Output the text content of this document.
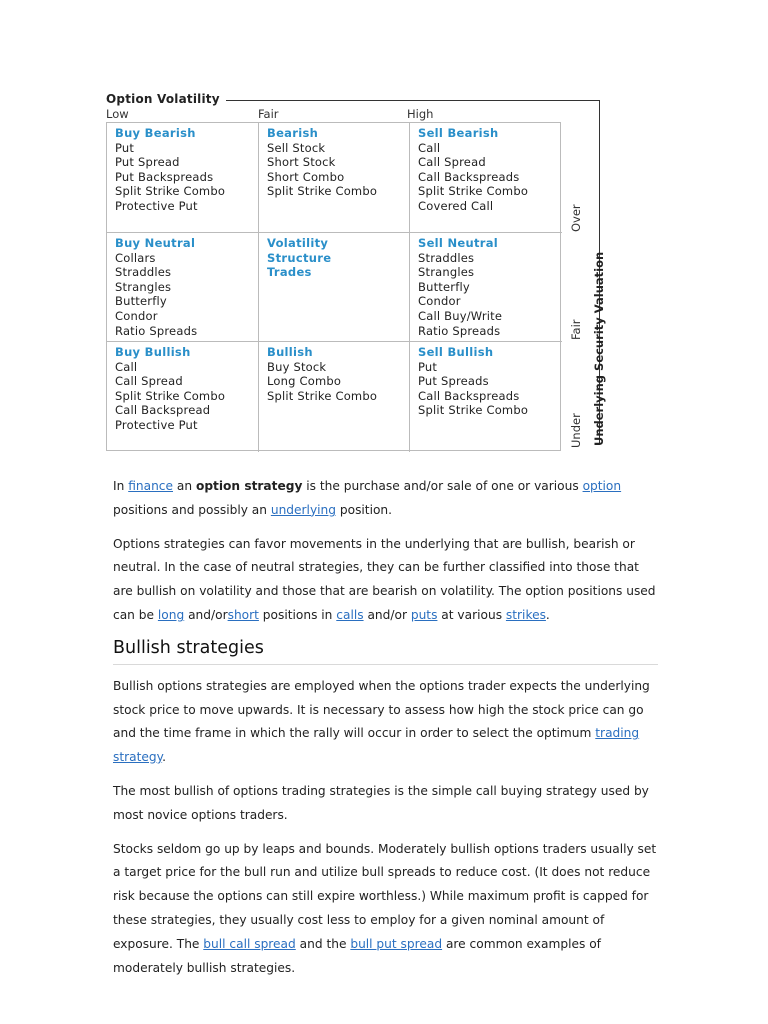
Option Volatility
Low	Fair	High
Buy Bearish
Put
Put Spread
Put Backspreads
Split Strike Combo
Protective Put
Bearish
Sell Stock
Short Stock
Short Combo
Split Strike Combo
Sell Bearish
Call
Call Spread
Call Backspreads
Split Strike Combo
Covered Call
Buy Neutral
Collars
Straddles
Strangles
Butterfly
Condor
Ratio Spreads
Volatility Structure Trades
Sell Neutral
Straddles
Strangles
Butterfly
Condor
Call Buy/Write
Ratio Spreads
Buy Bullish
Call
Call Spread
Split Strike Combo
Call Backspread
Protective Put
Bullish
Buy Stock
Long Combo
Split Strike Combo
Sell Bullish
Put
Put Spreads
Call Backspreads
Split Strike Combo
Over
Fair
Under Underlying Security Valuation

In finance an option strategy is the purchase and/or sale of one or various option positions and possibly an underlying position.

Options strategies can favor movements in the underlying that are bullish, bearish or neutral. In the case of neutral strategies, they can be further classified into those that are bullish on volatility and those that are bearish on volatility. The option positions used can be long and/orshort positions in calls and/or puts at various strikes.

Bullish strategies

Bullish options strategies are employed when the options trader expects the underlying stock price to move upwards. It is necessary to assess how high the stock price can go and the time frame in which the rally will occur in order to select the optimum trading strategy.

The most bullish of options trading strategies is the simple call buying strategy used by most novice options traders.

Stocks seldom go up by leaps and bounds. Moderately bullish options traders usually set a target price for the bull run and utilize bull spreads to reduce cost. (It does not reduce risk because the options can still expire worthless.) While maximum profit is capped for these strategies, they usually cost less to employ for a given nominal amount of exposure. The bull call spread and the bull put spread are common examples of moderately bullish strategies.
